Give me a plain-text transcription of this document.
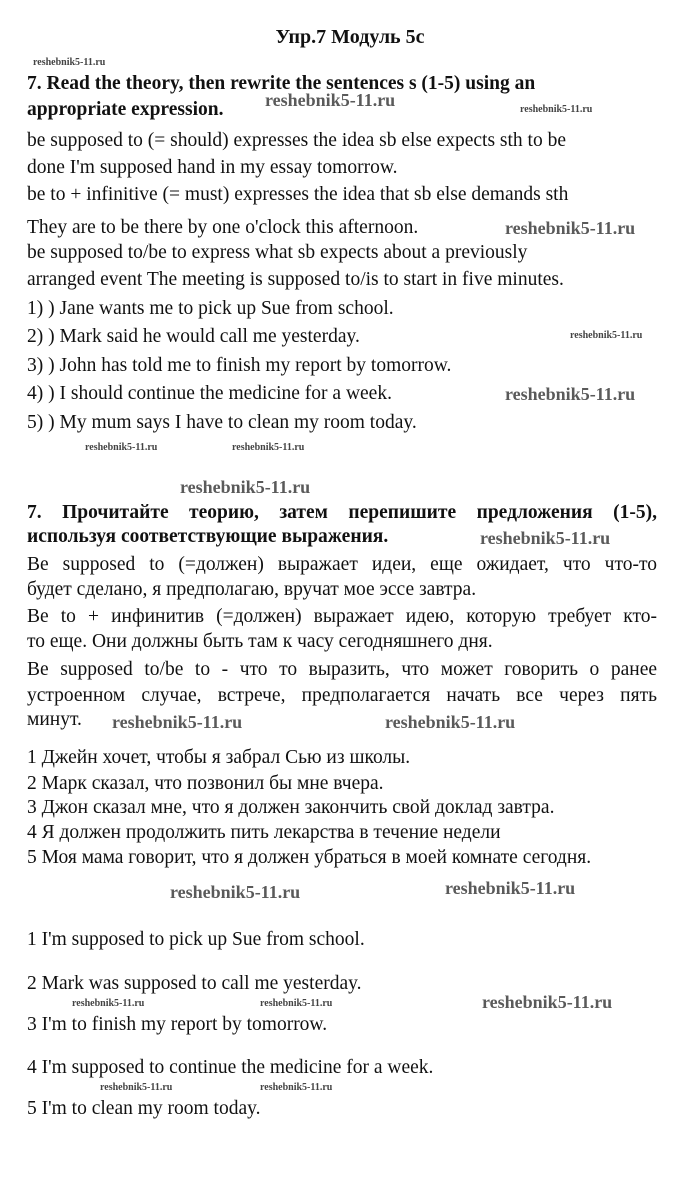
Упр.7 Модуль 5с
7. Read the theory, then rewrite the sentences s (1-5) using an
appropriate expression.
be supposed to (= should) expresses the idea sb else expects sth to be
done I'm supposed hand in my essay tomorrow.
be to + infinitive (= must) expresses the idea that sb else demands sth
They are to be there by one o'clock this afternoon.
be supposed to/be to express what sb expects about a previously
arranged event The meeting is supposed to/is to start in five minutes.
1) ) Jane wants me to pick up Sue from school.
2) ) Mark said he would call me yesterday.
3) ) John has told me to finish my report by tomorrow.
4) ) I should continue the medicine for a week.
5) ) My mum says I have to clean my room today.
7. Прочитайте теорию, затем перепишите предложения (1-5),
используя соответствующие выражения.
Be supposed to (=должен) выражает идеи, еще ожидает, что что-то
будет сделано, я предполагаю, вручат мое эссе завтра.
Be to + инфинитив (=должен) выражает идею, которую требует кто-
то еще. Они должны быть там к часу сегодняшнего дня.
Be supposed to/be to - что то выразить, что может говорить о ранее
устроенном случае, встрече, предполагается начать все через пять
минут.
1 Джейн хочет, чтобы я забрал Сью из школы.
2 Марк сказал, что позвонил бы мне вчера.
3 Джон сказал мне, что я должен закончить свой доклад завтра.
4 Я должен продолжить пить лекарства в течение недели
5 Моя мама говорит, что я должен убраться в моей комнате сегодня.
1 I'm supposed to pick up Sue from school.
2 Mark was supposed to call me yesterday.
3 I'm to finish my report by tomorrow.
4 I'm supposed to continue the medicine for a week.
5 I'm to clean my room today.
reshebnik5-11.ru
reshebnik5-11.ru	reshebnik5-11.ru
reshebnik5-11.ru
reshebnik5-11.ru	reshebnik5-11.ru
reshebnik5-11.ru
reshebnik5-11.ru
reshebnik5-11.ru
reshebnik5-11.ru
reshebnik5-11.ru
reshebnik5-11.ru
reshebnik5-11.ru
reshebnik5-11.ru
reshebnik5-11.ru	reshebnik5-11.ru	reshebnik5-11.ru
reshebnik5-11.ru	reshebnik5-11.ru
